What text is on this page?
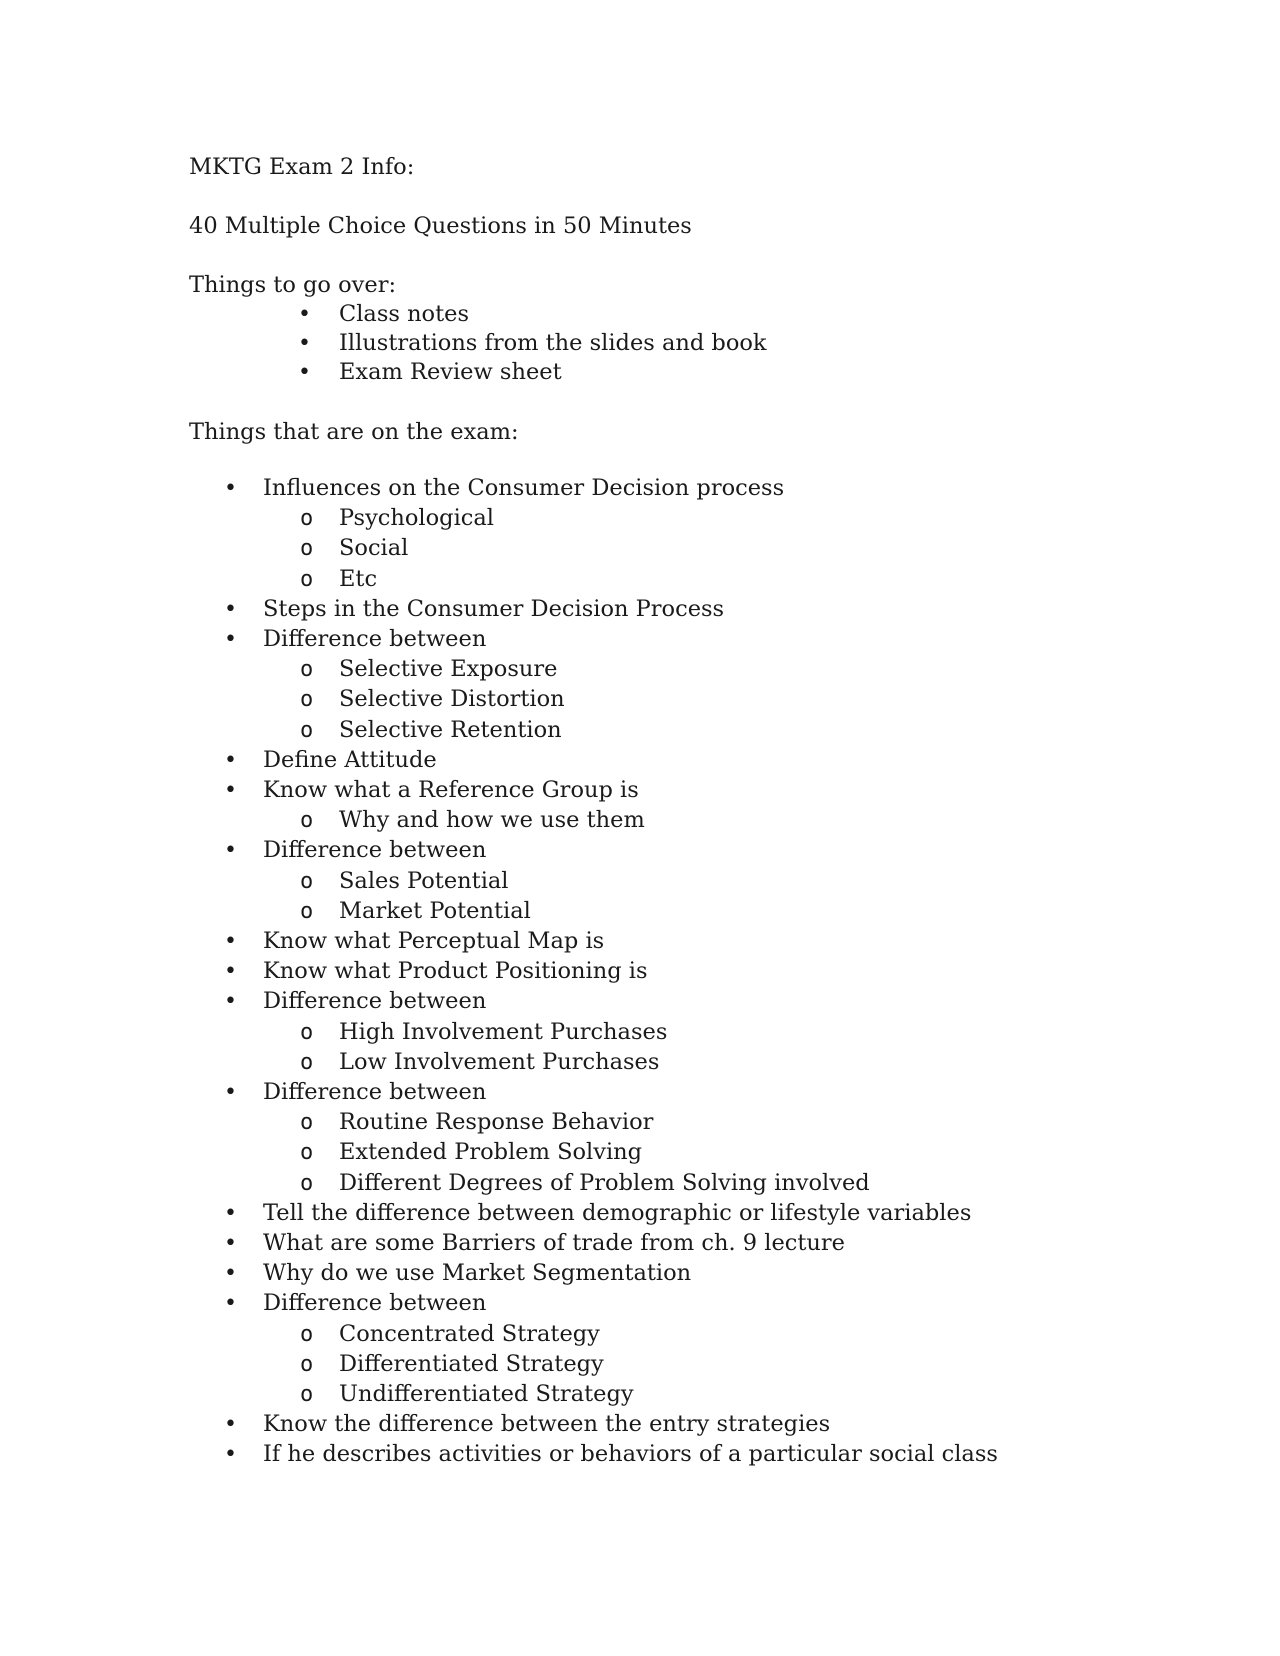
MKTG Exam 2 Info:
40 Multiple Choice Questions in 50 Minutes
Things to go over:
• Class notes
• Illustrations from the slides and book
• Exam Review sheet
Things that are on the exam:
• Influences on the Consumer Decision process
o Psychological
o Social
o Etc
• Steps in the Consumer Decision Process
• Difference between
o Selective Exposure
o Selective Distortion
o Selective Retention
• Define Attitude
• Know what a Reference Group is
o Why and how we use them
• Difference between
o Sales Potential
o Market Potential
• Know what Perceptual Map is
• Know what Product Positioning is
• Difference between
o High Involvement Purchases
o Low Involvement Purchases
• Difference between
o Routine Response Behavior
o Extended Problem Solving
o Different Degrees of Problem Solving involved
• Tell the difference between demographic or lifestyle variables
• What are some Barriers of trade from ch. 9 lecture
• Why do we use Market Segmentation
• Difference between
o Concentrated Strategy
o Differentiated Strategy
o Undifferentiated Strategy
• Know the difference between the entry strategies
• If he describes activities or behaviors of a particular social class
